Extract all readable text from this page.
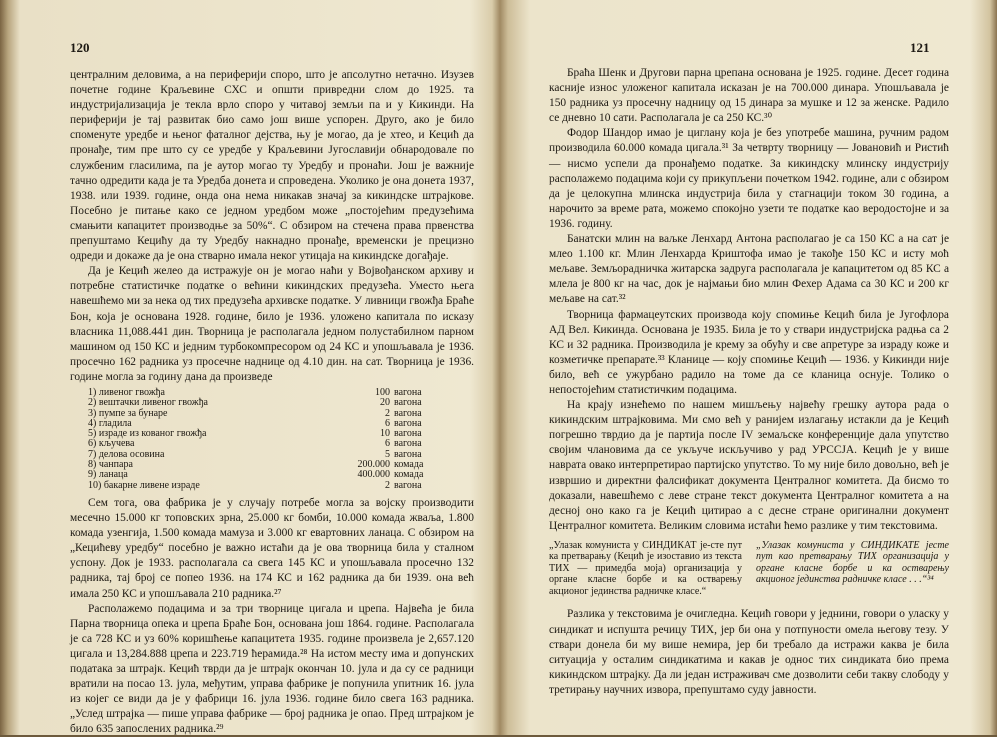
120

централним деловима, а на периферији споро, што је апсолутно нетачно. Изузев почетне године Краљевине СХС и општи привредни слом до 1925. та индустријализација је текла врло споро у читавој земљи па и у Кикинди. На периферији је тај развитак био само још више успорен. Друго, ако је било споменуте уредбе и њеног фаталног дејства, њу је могао, да је хтео, и Кецић да пронађе, тим пре што су се уредбе у Краљевини Југославији обнародовале по службеним гласилима, па је аутор могао ту Уредбу и пронаћи. Још је важније тачно одредити када је та Уредба донета и спроведена. Уколико је она донета 1937, 1938. или 1939. године, онда она нема никакав значај за кикиндске штрајкове. Посебно је питање како се једном уредбом може „постојећим предузећима смањити капацитет производње за 50%“. С обзиром на стечена права првенства препуштамо Кецићу да ту Уредбу накнадно пронађе, временски је прецизно одреди и докаже да је она стварно имала неког утицаја на кикиндске догађаје.

Да је Кецић желео да истражује он је могао наћи у Војвођанском архиву и потребне статистичке податке о већини кикиндских предузећа. Уместо њега навешћемо ми за нека од тих предузећа архивске податке. У ливници гвожђа Браће Бон, која је основана 1928. године, било је 1936. уложено капитала по исказу власника 11,088.441 дин. Творница је располагала једном полустабилном парном машином од 150 КС и једним турбокомпресором од 24 КС и упошљавала је 1936. просечно 162 радника уз просечне наднице од 4.10 дин. на сат. Творница је 1936. године могла за годину дана да произведе

1) ливеног гвожђа	100 вагона
2) вештачки ливеног гвожђа	20 вагона
3) пумпе за бунаре	2 вагона
4) гладила	6 вагона
5) израде из кованог гвожђа	10 вагона
6) кључева	6 вагона
7) делова осовина	5 вагона
8) чанпара	200.000 комада
9) ланаца	400.000 комада
10) бакарне ливене израде	2 вагона

Сем тога, ова фабрика је у случају потребе могла за војску производити месечно 15.000 кг топовских зрна, 25.000 кг бомби, 10.000 комада жваља, 1.800 комада узенгија, 1.500 комада мамуза и 3.000 кг евартовних ланаца. С обзиром на „Кецићеву уредбу“ посебно је важно истаћи да је ова творница била у сталном успону. Док је 1933. располагала са свега 145 КС и упошљавала просечно 132 радника, тај број се попео 1936. на 174 КС и 162 радника да би 1939. она већ имала 250 КС и упошљавала 210 радника.²⁷

Располажемо подацима и за три творнице цигала и црепа. Највећа је била Парна творница опека и црепа Браће Бон, основана још 1864. године. Располагала је са 728 КС и уз 60% коришћење капацитета 1935. године произвела је 2,657.120 цигала и 13,284.888 црепа и 223.719 ћерамида.²⁸ На истом месту има и допунских података за штрајк. Кецић тврди да је штрајк окончан 10. јула и да су се радници вратили на посао 13. јула, међутим, управа фабрике је попунила упитник 16. јула из којег се види да је у фабрици 16. јула 1936. године било свега 163 радника. „Услед штрајка — пише управа фабрике — број радника је опао. Пред штрајком је било 635 запослених радника.²⁹

121

Браћа Шенк и Другови парна црепана основана је 1925. године. Десет година касније износ уложеног капитала исказан је на 700.000 динара. Упошљавала је 150 радника уз просечну надницу од 15 динара за мушке и 12 за женске. Радило се дневно 10 сати. Располагала је са 250 КС.³⁰

Фодор Шандор имао је циглану која је без употребе машина, ручним радом производила 60.000 комада цигала.³¹ За четврту творницу — Јовановић и Ристић — нисмо успели да пронађемо податке. За кикиндску млинску индустрију располажемо подацима који су прикупљени почетком 1942. године, али с обзиром да је целокупна млинска индустрија била у стагнацији током 30 година, а нарочито за време рата, можемо спокојно узети те податке као веродостојне и за 1936. годину.

Банатски млин на ваљке Ленхард Антона располагао је са 150 КС а на сат је млео 1.100 кг. Млин Ленхарда Криштофа имао је такође 150 КС и исту моћ мељаве. Земљорадничка житарска задруга располагала је капацитетом од 85 КС а млела је 800 кг на час, док је најмањи био млин Фехер Адама са 30 КС и 200 кг мељаве на сат.³²

Творница фармацеутских производа коју спомиње Кецић била је Југофлора АД Вел. Кикинда. Основана је 1935. Била је то у ствари индустријска радња са 2 КС и 32 радника. Производила је крему за обућу и све апретуре за израду коже и козметичке препарате.³³ Кланице — коју спомиње Кецић — 1936. у Кикинди није било, већ се ужурбано радило на томе да се кланица оснује. Толико о непостојећим статистичким подацима.

На крају изнећемо по нашем мишљењу највећу грешку аутора рада о кикиндским штрајковима. Ми смо већ у ранијем излагању истакли да је Кецић погрешно тврдио да је партија после IV земаљске конференције дала упутство својим члановима да се укључе искључиво у рад УРССЈА. Кецић је у више наврата овако интерпретирао партијско упутство. То му није било довољно, већ је извршио и директни фалсификат документа Централног комитета. Да бисмо то доказали, навешћемо с леве стране текст документа Централног комитета а на десној оно како га је Кецић цитирао а с десне стране оригинални документ Централног комитета. Великим словима истаћи ћемо разлике у тим текстовима.

„Улазак комуниста у СИНДИКАТ је-сте пут ка претварању (Кецић је изоставио из текста ТИХ — примедба моја) организација у органе класне борбе и ка остварењу акционог јединства радничке класе.“
„Улазак комуниста у СИНДИКАТЕ јесте пут као претварању ТИХ организација у органе класне борбе и ка остварењу акционог јединства радничке класе . . .“³⁴

Разлика у текстовима је очигледна. Кецић говори у једнини, говори о уласку у синдикат и испушта речицу ТИХ, јер би она у потпуности омела његову тезу. У ствари донела би му више немира, јер би требало да истражи каква је била ситуација у осталим синдикатима и какав је однос тих синдиката био према кикиндском штрајку. Да ли један истраживач сме дозволити себи такву слободу у третирању научних извора, препуштамо суду јавности.
